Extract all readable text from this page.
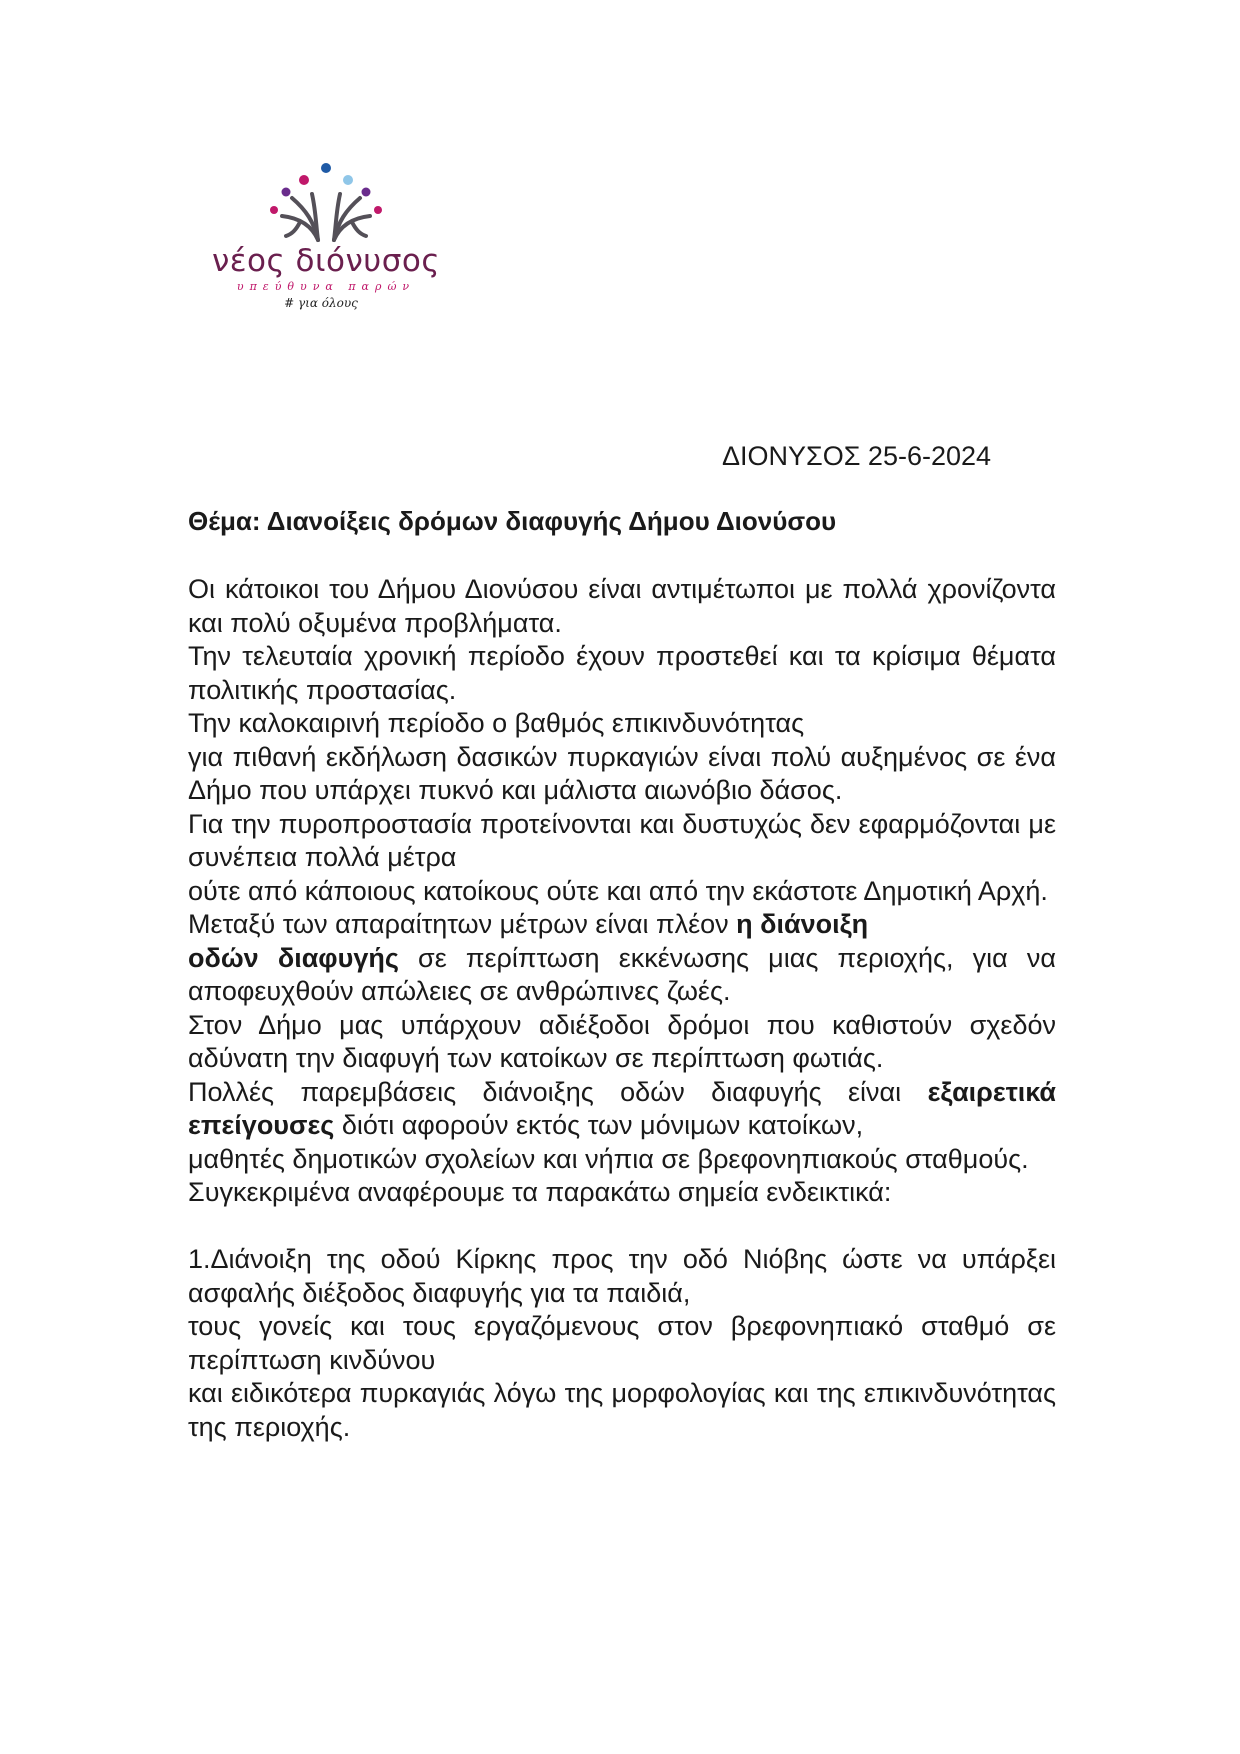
νέος διόνυσος
υπεύθυνα παρών
# για όλους
ΔΙΟΝΥΣΟΣ 25-6-2024
Θέμα: Διανοίξεις δρόμων διαφυγής Δήμου Διονύσου

Οι κάτοικοι του Δήμου Διονύσου είναι αντιμέτωποι με πολλά χρονίζοντα και πολύ οξυμένα προβλήματα.

Την τελευταία χρονική περίοδο έχουν προστεθεί και τα κρίσιμα θέματα πολιτικής προστασίας.

Την καλοκαιρινή περίοδο ο βαθμός επικινδυνότητας

για πιθανή εκδήλωση δασικών πυρκαγιών είναι πολύ αυξημένος σε ένα Δήμο που υπάρχει πυκνό και μάλιστα αιωνόβιο δάσος.

Για την πυροπροστασία προτείνονται και δυστυχώς δεν εφαρμόζονται με συνέπεια πολλά μέτρα

ούτε από κάποιους κατοίκους ούτε και από την εκάστοτε Δημοτική Αρχή.

Μεταξύ των απαραίτητων μέτρων είναι πλέον η διάνοιξη

οδών διαφυγής σε περίπτωση εκκένωσης μιας περιοχής, για να αποφευχθούν απώλειες σε ανθρώπινες ζωές.

Στον Δήμο μας υπάρχουν αδιέξοδοι δρόμοι που καθιστούν σχεδόν αδύνατη την διαφυγή των κατοίκων σε περίπτωση φωτιάς.

Πολλές παρεμβάσεις διάνοιξης οδών διαφυγής είναι εξαιρετικά επείγουσες διότι αφορούν εκτός των μόνιμων κατοίκων,

μαθητές δημοτικών σχολείων και νήπια σε βρεφονηπιακούς σταθμούς.

Συγκεκριμένα αναφέρουμε τα παρακάτω σημεία ενδεικτικά:

1.Διάνοιξη της οδού Κίρκης προς την οδό Νιόβης ώστε να υπάρξει ασφαλής διέξοδος διαφυγής για τα παιδιά,

τους γονείς και τους εργαζόμενους στον βρεφονηπιακό σταθμό σε περίπτωση κινδύνου

και ειδικότερα πυρκαγιάς λόγω της μορφολογίας και της επικινδυνότητας της περιοχής.
